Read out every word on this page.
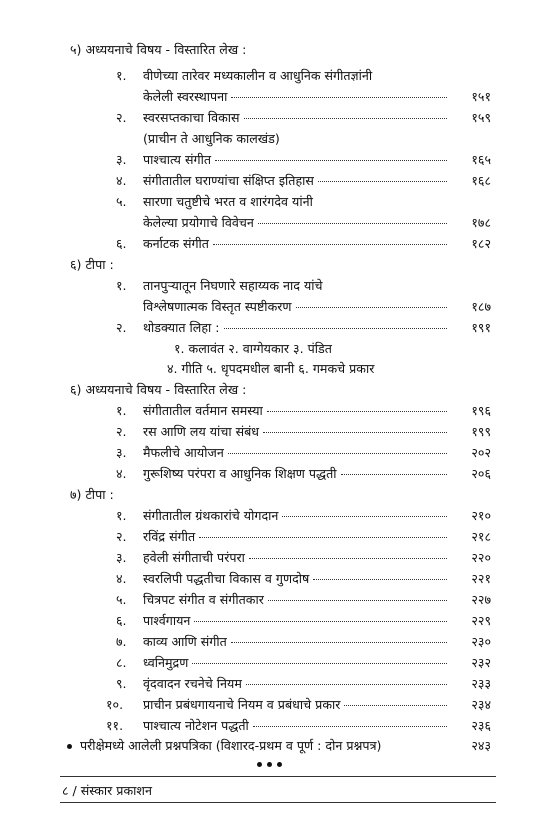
५) अध्ययनाचे विषय - विस्तारित लेख :
१. वीणेच्या तारेवर मध्यकालीन व आधुनिक संगीतज्ञांनी
केलेली स्वरस्थापना	१५१
२. स्वरसप्तकाचा विकास	१५९
(प्राचीन ते आधुनिक कालखंड)
३. पाश्चात्य संगीत	१६५
४. संगीतातील घराण्यांचा संक्षिप्त इतिहास	१६८
५. सारणा चतुष्टीचे भरत व शारंगदेव यांनी
केलेल्या प्रयोगाचे विवेचन	१७८
६. कर्नाटक संगीत	१८२
६) टीपा :
१. तानपुऱ्यातून निघणारे सहाय्यक नाद यांचे
विश्लेषणात्मक विस्तृत स्पष्टीकरण	१८७
२. थोडक्यात लिहा :	१९१
१. कलावंत २. वाग्गेयकार ३. पंडित
४. गीति ५. धृपदमधील बानी ६. गमकचे प्रकार
६) अध्ययनाचे विषय - विस्तारित लेख :
१. संगीतातील वर्तमान समस्या	१९६
२. रस आणि लय यांचा संबंध	१९९
३. मैफलीचे आयोजन	२०२
४. गुरूशिष्य परंपरा व आधुनिक शिक्षण पद्धती	२०६
७) टीपा :
१. संगीतातील ग्रंथकारांचे योगदान	२१०
२. रविंद्र संगीत	२१८
३. हवेली संगीताची परंपरा	२२०
४. स्वरलिपी पद्धतीचा विकास व गुणदोष	२२१
५. चित्रपट संगीत व संगीतकार	२२७
६. पार्श्वगायन	२२९
७. काव्य आणि संगीत	२३०
८. ध्वनिमुद्रण	२३२
९. वृंदवादन रचनेचे नियम	२३३
१०. प्राचीन प्रबंधगायनाचे नियम व प्रबंधाचे प्रकार	२३४
११. पाश्चात्य नोटेशन पद्धती	२३६
परीक्षेमध्ये आलेली प्रश्नपत्रिका (विशारद-प्रथम व पूर्ण : दोन प्रश्नपत्र)	२४३
८ / संस्कार प्रकाशन
